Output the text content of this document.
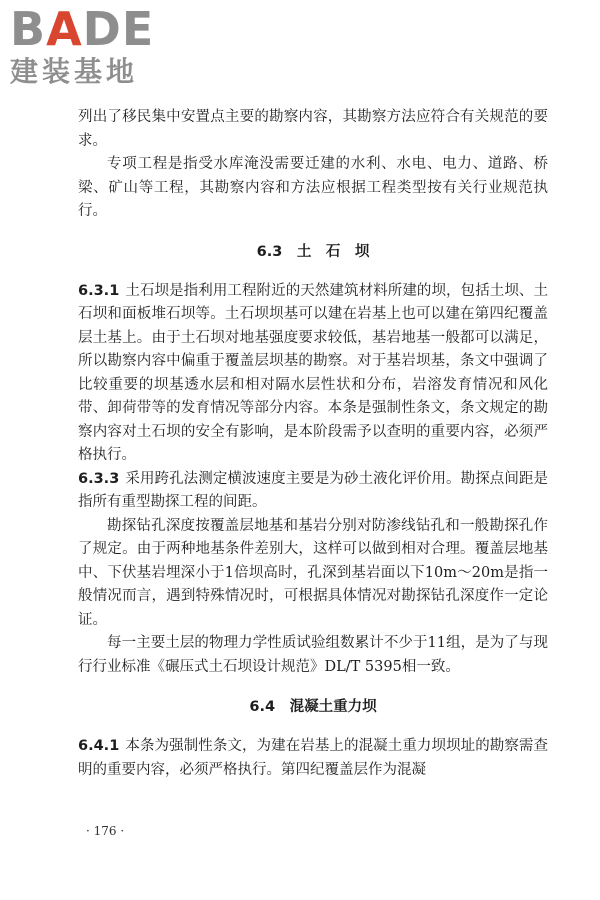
BADE
建装基地

列出了移民集中安置点主要的勘察内容，其勘察方法应符合有关规范的要求。

专项工程是指受水库淹没需要迁建的水利、水电、电力、道路、桥梁、矿山等工程，其勘察内容和方法应根据工程类型按有关行业规范执行。

6.3　土　石　坝

6.3.1 土石坝是指利用工程附近的天然建筑材料所建的坝，包括土坝、土石坝和面板堆石坝等。土石坝坝基可以建在岩基上也可以建在第四纪覆盖层土基上。由于土石坝对地基强度要求较低，基岩地基一般都可以满足，所以勘察内容中偏重于覆盖层坝基的勘察。对于基岩坝基，条文中强调了比较重要的坝基透水层和相对隔水层性状和分布，岩溶发育情况和风化带、卸荷带等的发育情况等部分内容。本条是强制性条文，条文规定的勘察内容对土石坝的安全有影响，是本阶段需予以查明的重要内容，必须严格执行。

6.3.3 采用跨孔法测定横波速度主要是为砂土液化评价用。勘探点间距是指所有重型勘探工程的间距。

勘探钻孔深度按覆盖层地基和基岩分别对防渗线钻孔和一般勘探孔作了规定。由于两种地基条件差别大，这样可以做到相对合理。覆盖层地基中、下伏基岩埋深小于1倍坝高时，孔深到基岩面以下10m～20m是指一般情况而言，遇到特殊情况时，可根据具体情况对勘探钻孔深度作一定论证。

每一主要土层的物理力学性质试验组数累计不少于11组，是为了与现行行业标准《碾压式土石坝设计规范》DL/T 5395相一致。

6.4　混凝土重力坝

6.4.1 本条为强制性条文，为建在岩基上的混凝土重力坝坝址的勘察需查明的重要内容，必须严格执行。第四纪覆盖层作为混凝

· 176 ·
